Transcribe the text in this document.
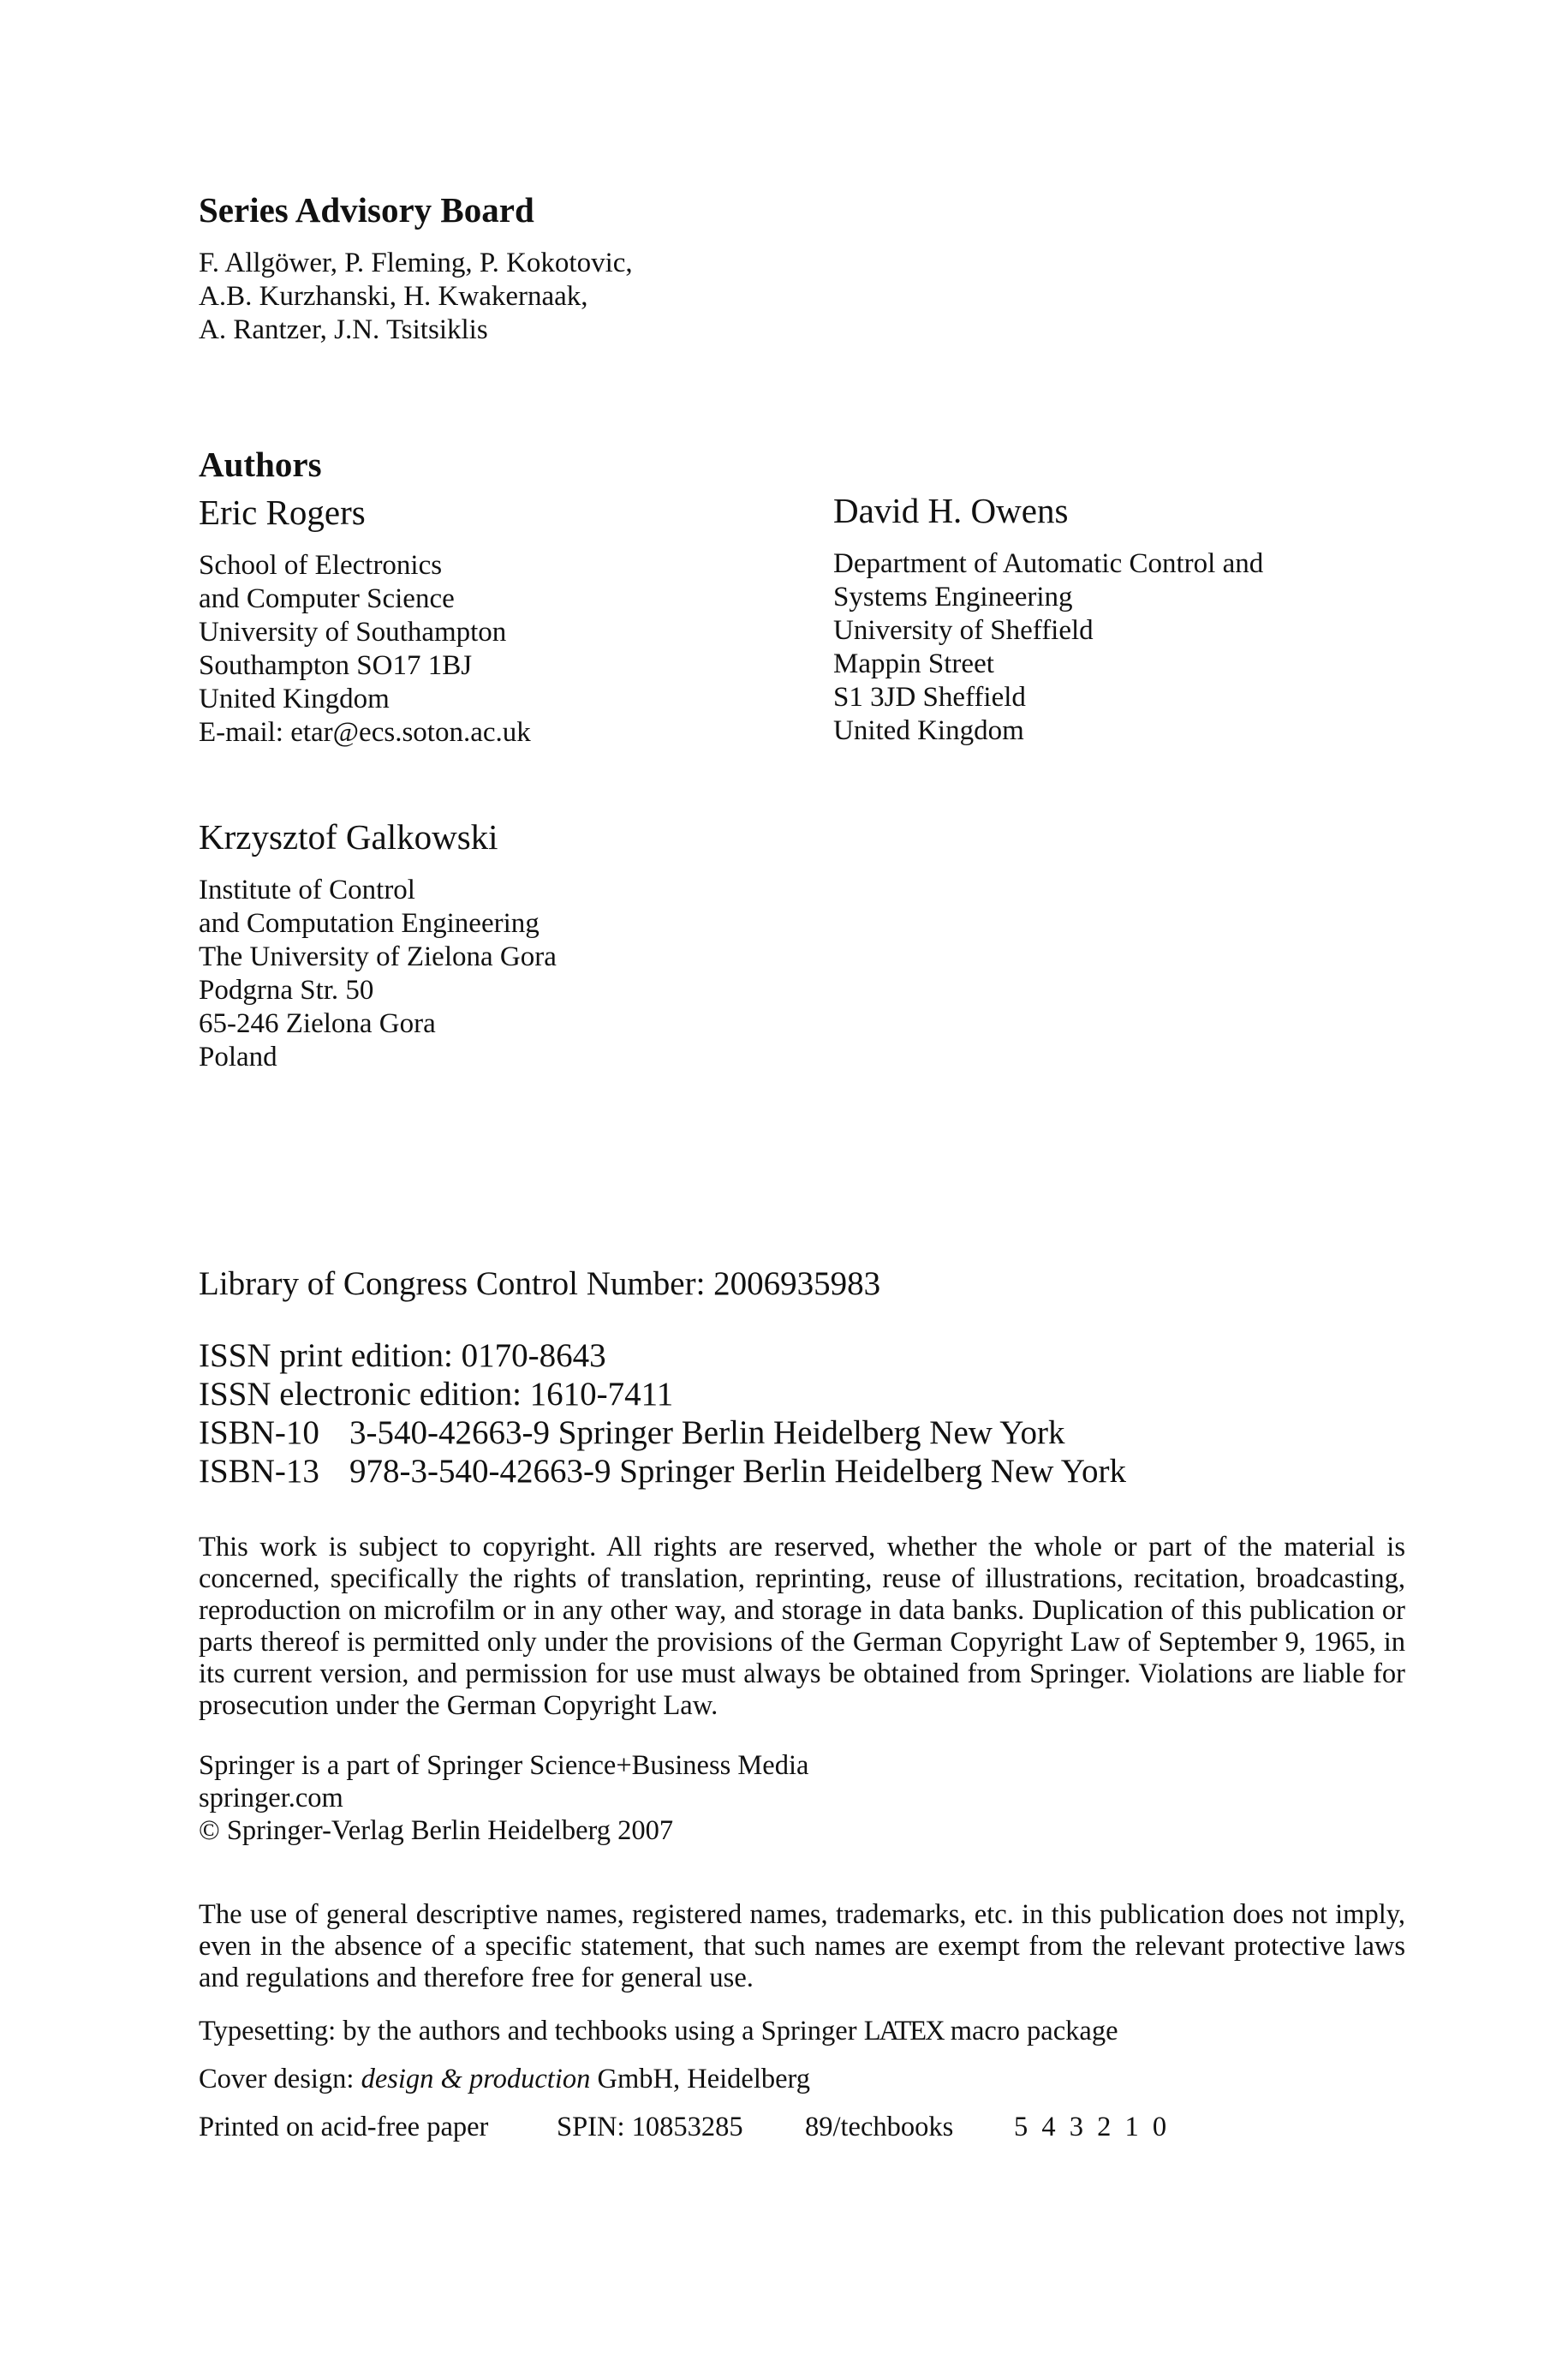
Series Advisory Board
F. Allgöwer, P. Fleming, P. Kokotovic,
A.B. Kurzhanski, H. Kwakernaak,
A. Rantzer, J.N. Tsitsiklis
Authors
Eric Rogers
School of Electronics
and Computer Science
University of Southampton
Southampton SO17 1BJ
United Kingdom
E-mail: etar@ecs.soton.ac.uk
David H. Owens
Department of Automatic Control and
Systems Engineering
University of Sheffield
Mappin Street
S1 3JD Sheffield
United Kingdom
Krzysztof Galkowski
Institute of Control
and Computation Engineering
The University of Zielona Gora
Podgrna Str. 50
65-246 Zielona Gora
Poland
Library of Congress Control Number: 2006935983
ISSN print edition: 0170-8643
ISSN electronic edition: 1610-7411
ISBN-10 3-540-42663-9 Springer Berlin Heidelberg New York
ISBN-13 978-3-540-42663-9 Springer Berlin Heidelberg New York

This work is subject to copyright. All rights are reserved, whether the whole or part of the material is concerned, specifically the rights of translation, reprinting, reuse of illustrations, recitation, broadcasting, reproduction on microfilm or in any other way, and storage in data banks. Duplication of this publication or parts thereof is permitted only under the provisions of the German Copyright Law of September 9, 1965, in its current version, and permission for use must always be obtained from Springer. Violations are liable for prosecution under the German Copyright Law.

Springer is a part of Springer Science+Business Media
springer.com
© Springer-Verlag Berlin Heidelberg 2007

The use of general descriptive names, registered names, trademarks, etc. in this publication does not imply, even in the absence of a specific statement, that such names are exempt from the relevant protective laws and regulations and therefore free for general use.

Typesetting: by the authors and techbooks using a Springer LATEX macro package
Cover design: design & production GmbH, Heidelberg
Printed on acid-free paper SPIN: 10853285 89/techbooks 5 4 3 2 1 0
